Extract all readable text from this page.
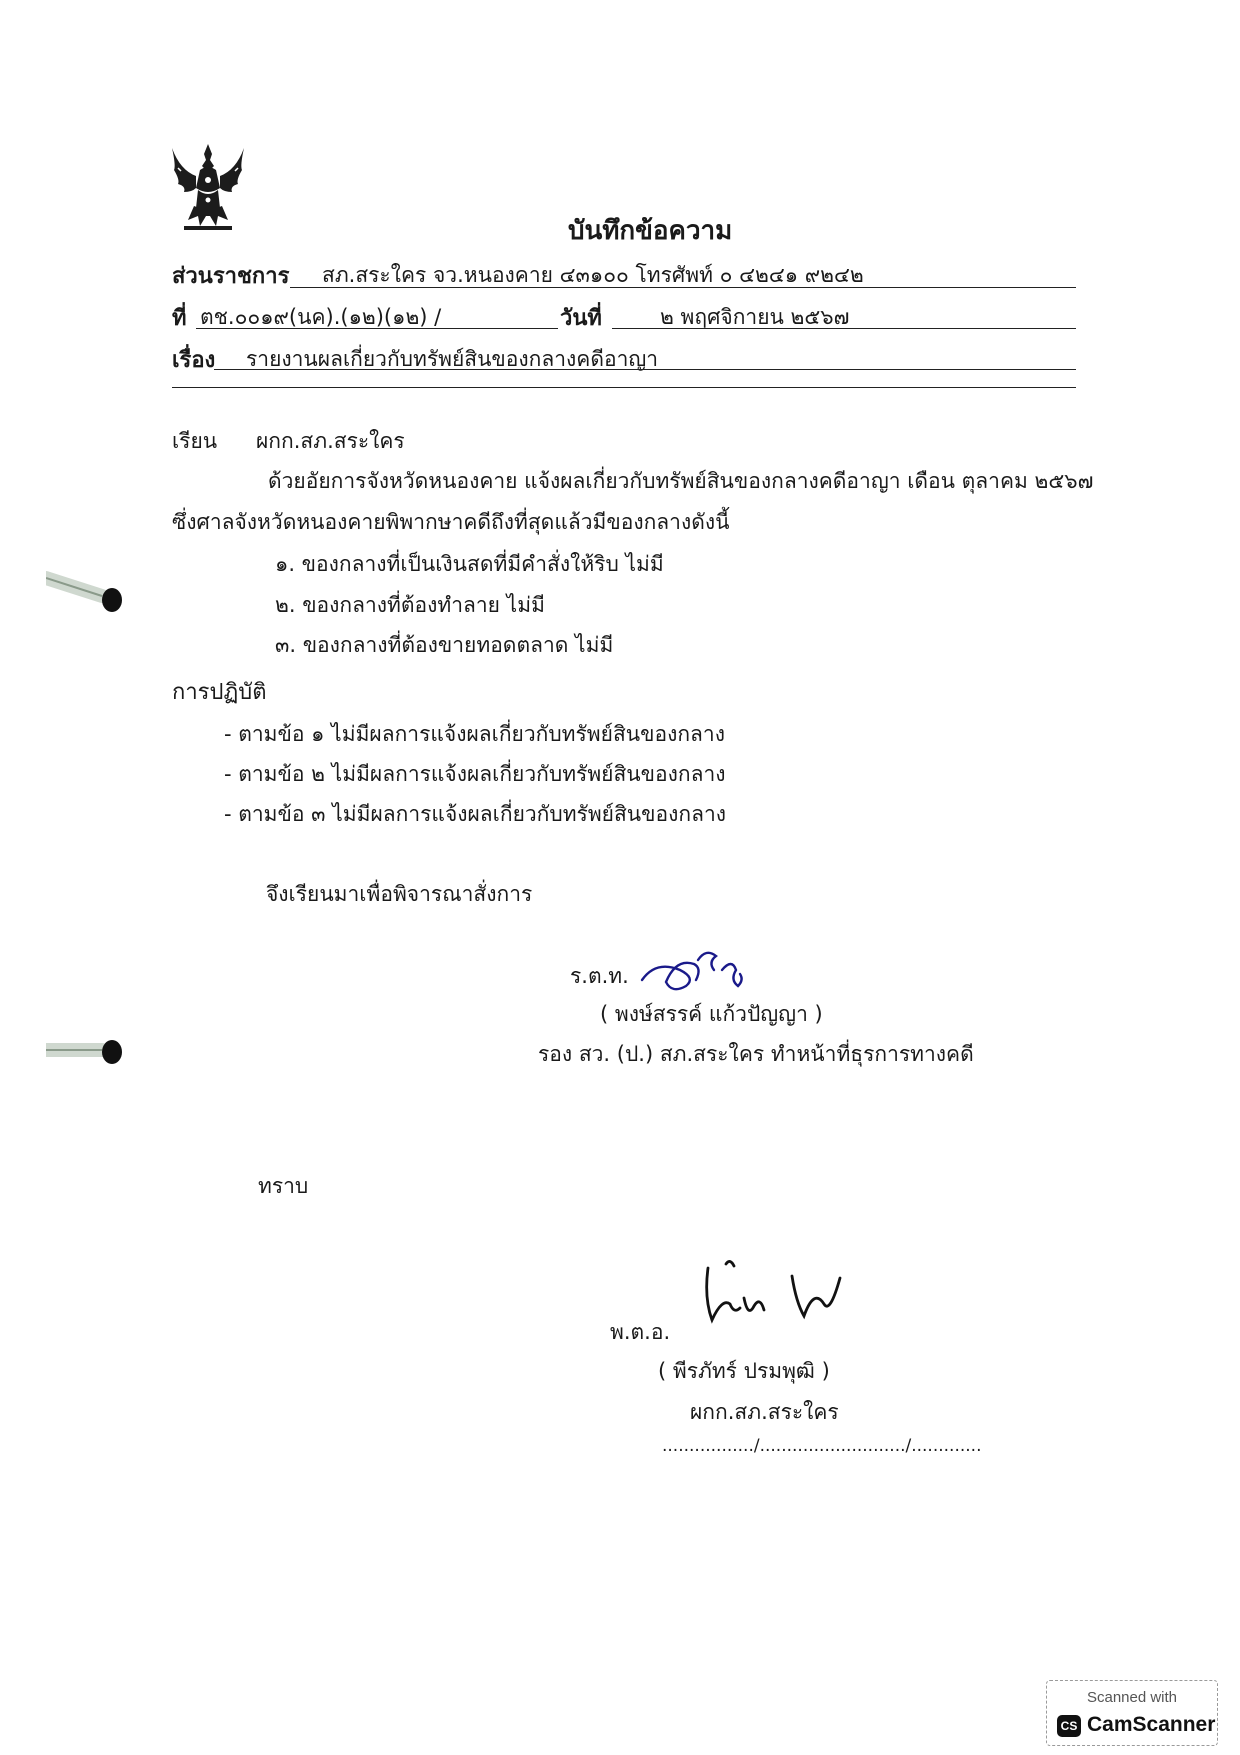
บันทึกข้อความ
ส่วนราชการ สภ.สระใคร จว.หนองคาย ๔๓๑๐๐ โทรศัพท์ ๐ ๔๒๔๑ ๙๒๔๒
ที่ ตช.๐๐๑๙(นค).(๑๒)(๑๒) /	วันที่	๒ พฤศจิกายน ๒๕๖๗
เรื่อง รายงานผลเกี่ยวกับทรัพย์สินของกลางคดีอาญา
เรียน ผกก.สภ.สระใคร
ด้วยอัยการจังหวัดหนองคาย แจ้งผลเกี่ยวกับทรัพย์สินของกลางคดีอาญา เดือน ตุลาคม ๒๕๖๗
ซึ่งศาลจังหวัดหนองคายพิพากษาคดีถึงที่สุดแล้วมีของกลางดังนี้
๑. ของกลางที่เป็นเงินสดที่มีคำสั่งให้ริบ ไม่มี
๒. ของกลางที่ต้องทำลาย ไม่มี
๓. ของกลางที่ต้องขายทอดตลาด ไม่มี
การปฏิบัติ
- ตามข้อ ๑ ไม่มีผลการแจ้งผลเกี่ยวกับทรัพย์สินของกลาง
- ตามข้อ ๒ ไม่มีผลการแจ้งผลเกี่ยวกับทรัพย์สินของกลาง
- ตามข้อ ๓ ไม่มีผลการแจ้งผลเกี่ยวกับทรัพย์สินของกลาง
จึงเรียนมาเพื่อพิจารณาสั่งการ
ร.ต.ท.
( พงษ์สรรค์ แก้วปัญญา )
รอง สว. (ป.) สภ.สระใคร ทำหน้าที่ธุรการทางคดี
ทราบ
พ.ต.อ.
( พีรภัทร์ ปรมพุฒิ )
ผกก.สภ.สระใคร
................./.........................../.............
Scanned with
CS CamScanner
